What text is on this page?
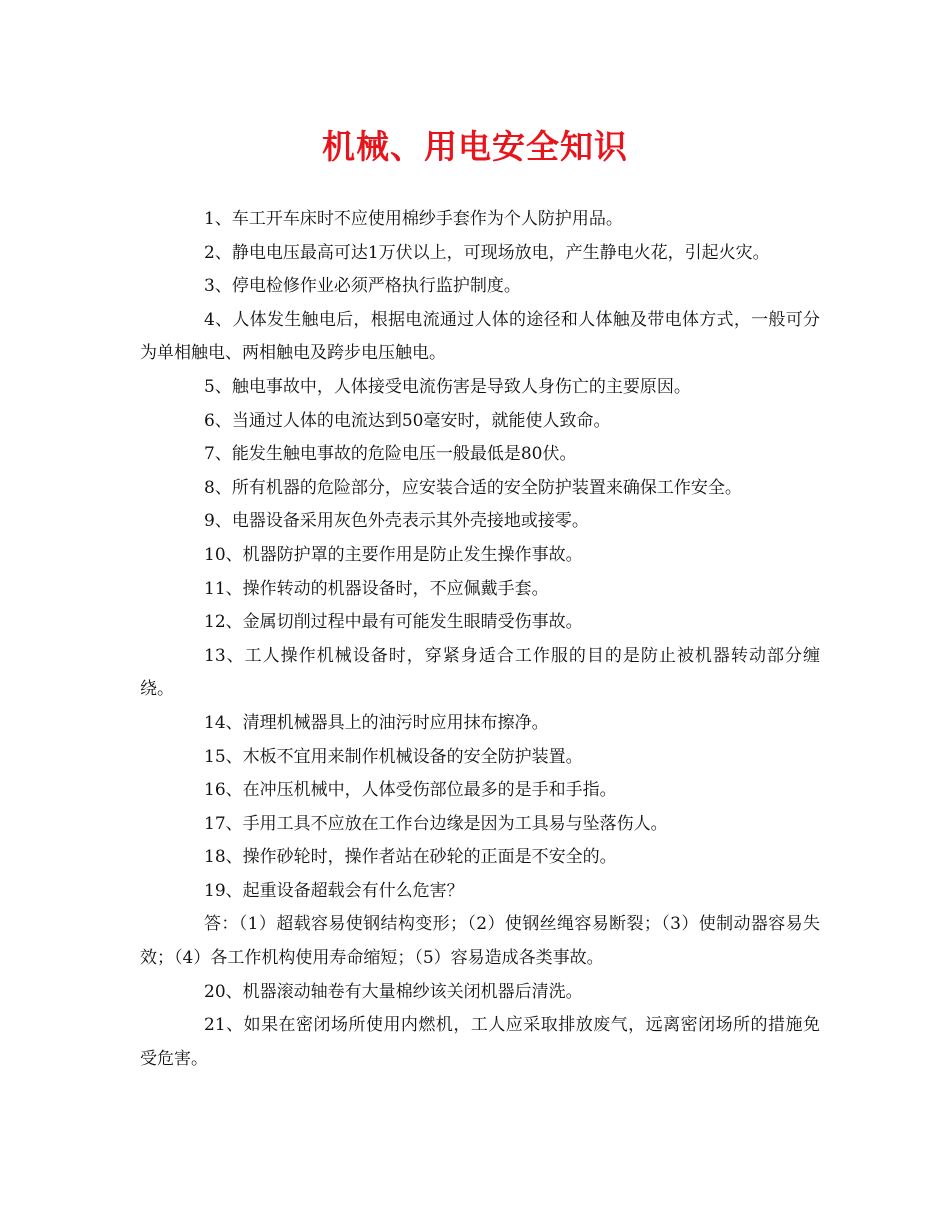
机械、用电安全知识

1、车工开车床时不应使用棉纱手套作为个人防护用品。

2、静电电压最高可达1万伏以上，可现场放电，产生静电火花，引起火灾。

3、停电检修作业必须严格执行监护制度。

4、人体发生触电后，根据电流通过人体的途径和人体触及带电体方式，一般可分为单相触电、两相触电及跨步电压触电。

5、触电事故中，人体接受电流伤害是导致人身伤亡的主要原因。

6、当通过人体的电流达到50毫安时，就能使人致命。

7、能发生触电事故的危险电压一般最低是80伏。

8、所有机器的危险部分，应安装合适的安全防护装置来确保工作安全。

9、电器设备采用灰色外壳表示其外壳接地或接零。

10、机器防护罩的主要作用是防止发生操作事故。

11、操作转动的机器设备时，不应佩戴手套。

12、金属切削过程中最有可能发生眼睛受伤事故。

13、工人操作机械设备时，穿紧身适合工作服的目的是防止被机器转动部分缠绕。

14、清理机械器具上的油污时应用抹布擦净。

15、木板不宜用来制作机械设备的安全防护装置。

16、在冲压机械中，人体受伤部位最多的是手和手指。

17、手用工具不应放在工作台边缘是因为工具易与坠落伤人。

18、操作砂轮时，操作者站在砂轮的正面是不安全的。

19、起重设备超载会有什么危害？

答：（1）超载容易使钢结构变形；（2）使钢丝绳容易断裂；（3）使制动器容易失效；（4）各工作机构使用寿命缩短；（5）容易造成各类事故。

20、机器滚动轴卷有大量棉纱该关闭机器后清洗。

21、如果在密闭场所使用内燃机，工人应采取排放废气，远离密闭场所的措施免受危害。
